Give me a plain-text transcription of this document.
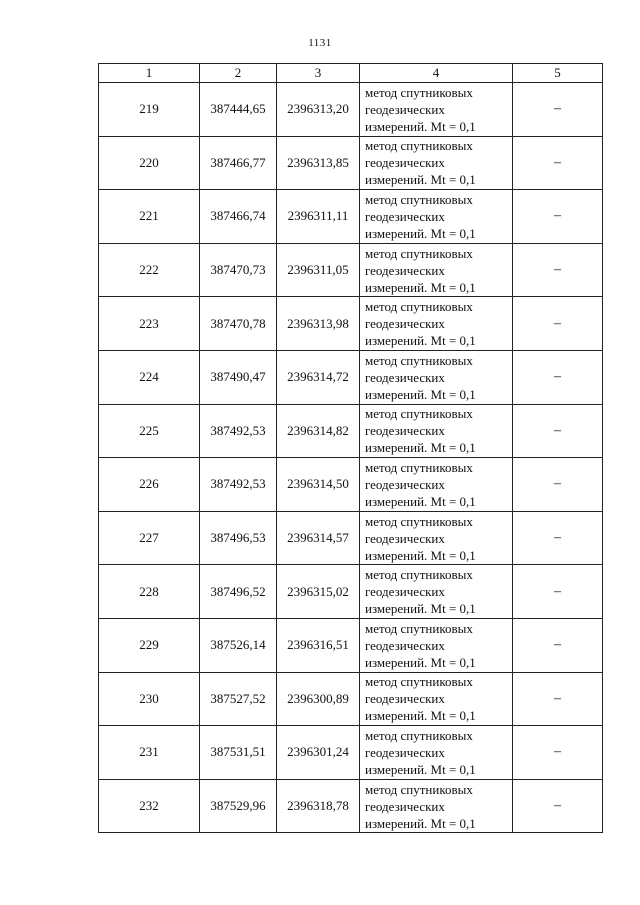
1131
1	2	3	4	5
219	387444,65	2396313,20	метод спутниковых
геодезических
измерений. Mt = 0,1	–
220	387466,77	2396313,85	метод спутниковых
геодезических
измерений. Mt = 0,1	–
221	387466,74	2396311,11	метод спутниковых
геодезических
измерений. Mt = 0,1	–
222	387470,73	2396311,05	метод спутниковых
геодезических
измерений. Mt = 0,1	–
223	387470,78	2396313,98	метод спутниковых
геодезических
измерений. Mt = 0,1	–
224	387490,47	2396314,72	метод спутниковых
геодезических
измерений. Mt = 0,1	–
225	387492,53	2396314,82	метод спутниковых
геодезических
измерений. Mt = 0,1	–
226	387492,53	2396314,50	метод спутниковых
геодезических
измерений. Mt = 0,1	–
227	387496,53	2396314,57	метод спутниковых
геодезических
измерений. Mt = 0,1	–
228	387496,52	2396315,02	метод спутниковых
геодезических
измерений. Mt = 0,1	–
229	387526,14	2396316,51	метод спутниковых
геодезических
измерений. Mt = 0,1	–
230	387527,52	2396300,89	метод спутниковых
геодезических
измерений. Mt = 0,1	–
231	387531,51	2396301,24	метод спутниковых
геодезических
измерений. Mt = 0,1	–
232	387529,96	2396318,78	метод спутниковых
геодезических
измерений. Mt = 0,1	–
